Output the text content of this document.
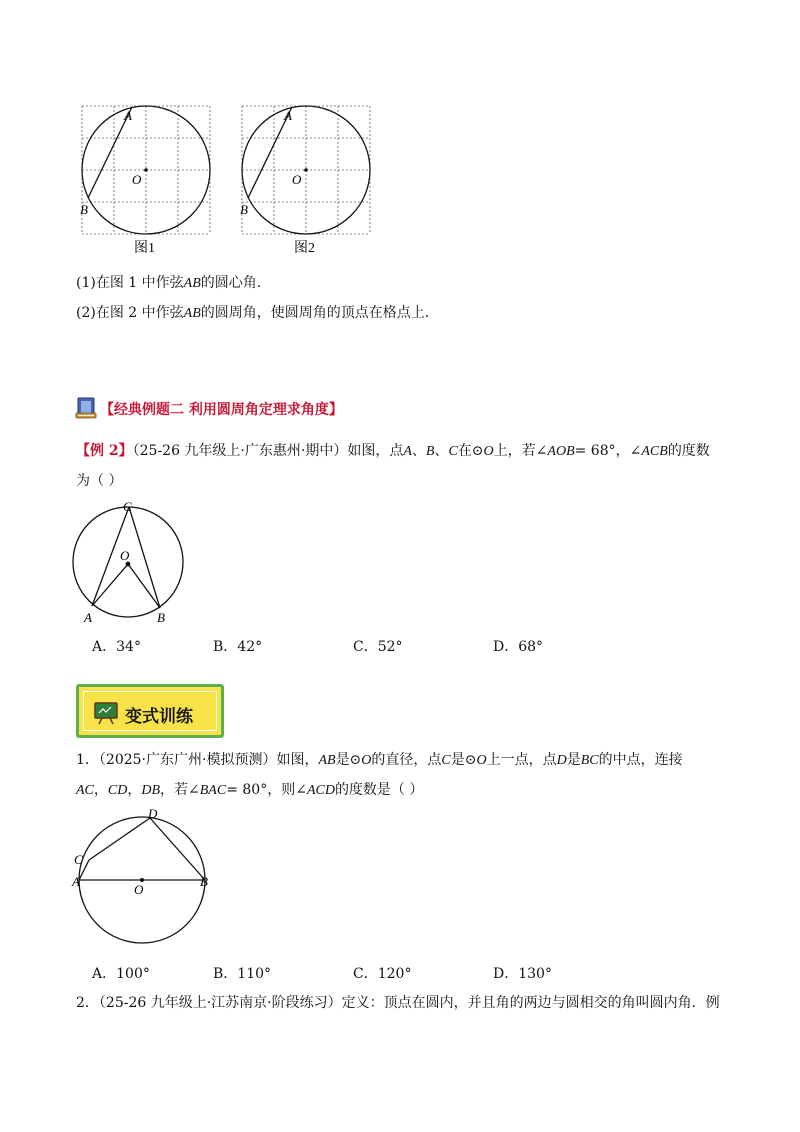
A
O
B
图1
A
O
B
图2
(1)在图 1 中作弦AB的圆心角.
(2)在图 2 中作弦AB的圆周角，使圆周角的顶点在格点上.
【经典例题二 利用圆周角定理求角度】
【例 2】（25-26 九年级上·广东惠州·期中）如图，点A、B、C在⊙O上，若∠AOB= 68°，∠ACB的度数
为（ ）
C
O
A	B
A．34°	B．42°	C．52°	D．68°
变式训练
1．（2025·广东广州·模拟预测）如图，AB是⊙O的直径，点C是⊙O上一点，点D是BC的中点，连接
AC，CD，DB，若∠BAC= 80°，则∠ACD的度数是（ ）
D
C
A
O
B
A．100°	B．110°	C．120°	D．130°
2．（25-26 九年级上·江苏南京·阶段练习）定义：顶点在圆内，并且角的两边与圆相交的角叫圆内角．例
